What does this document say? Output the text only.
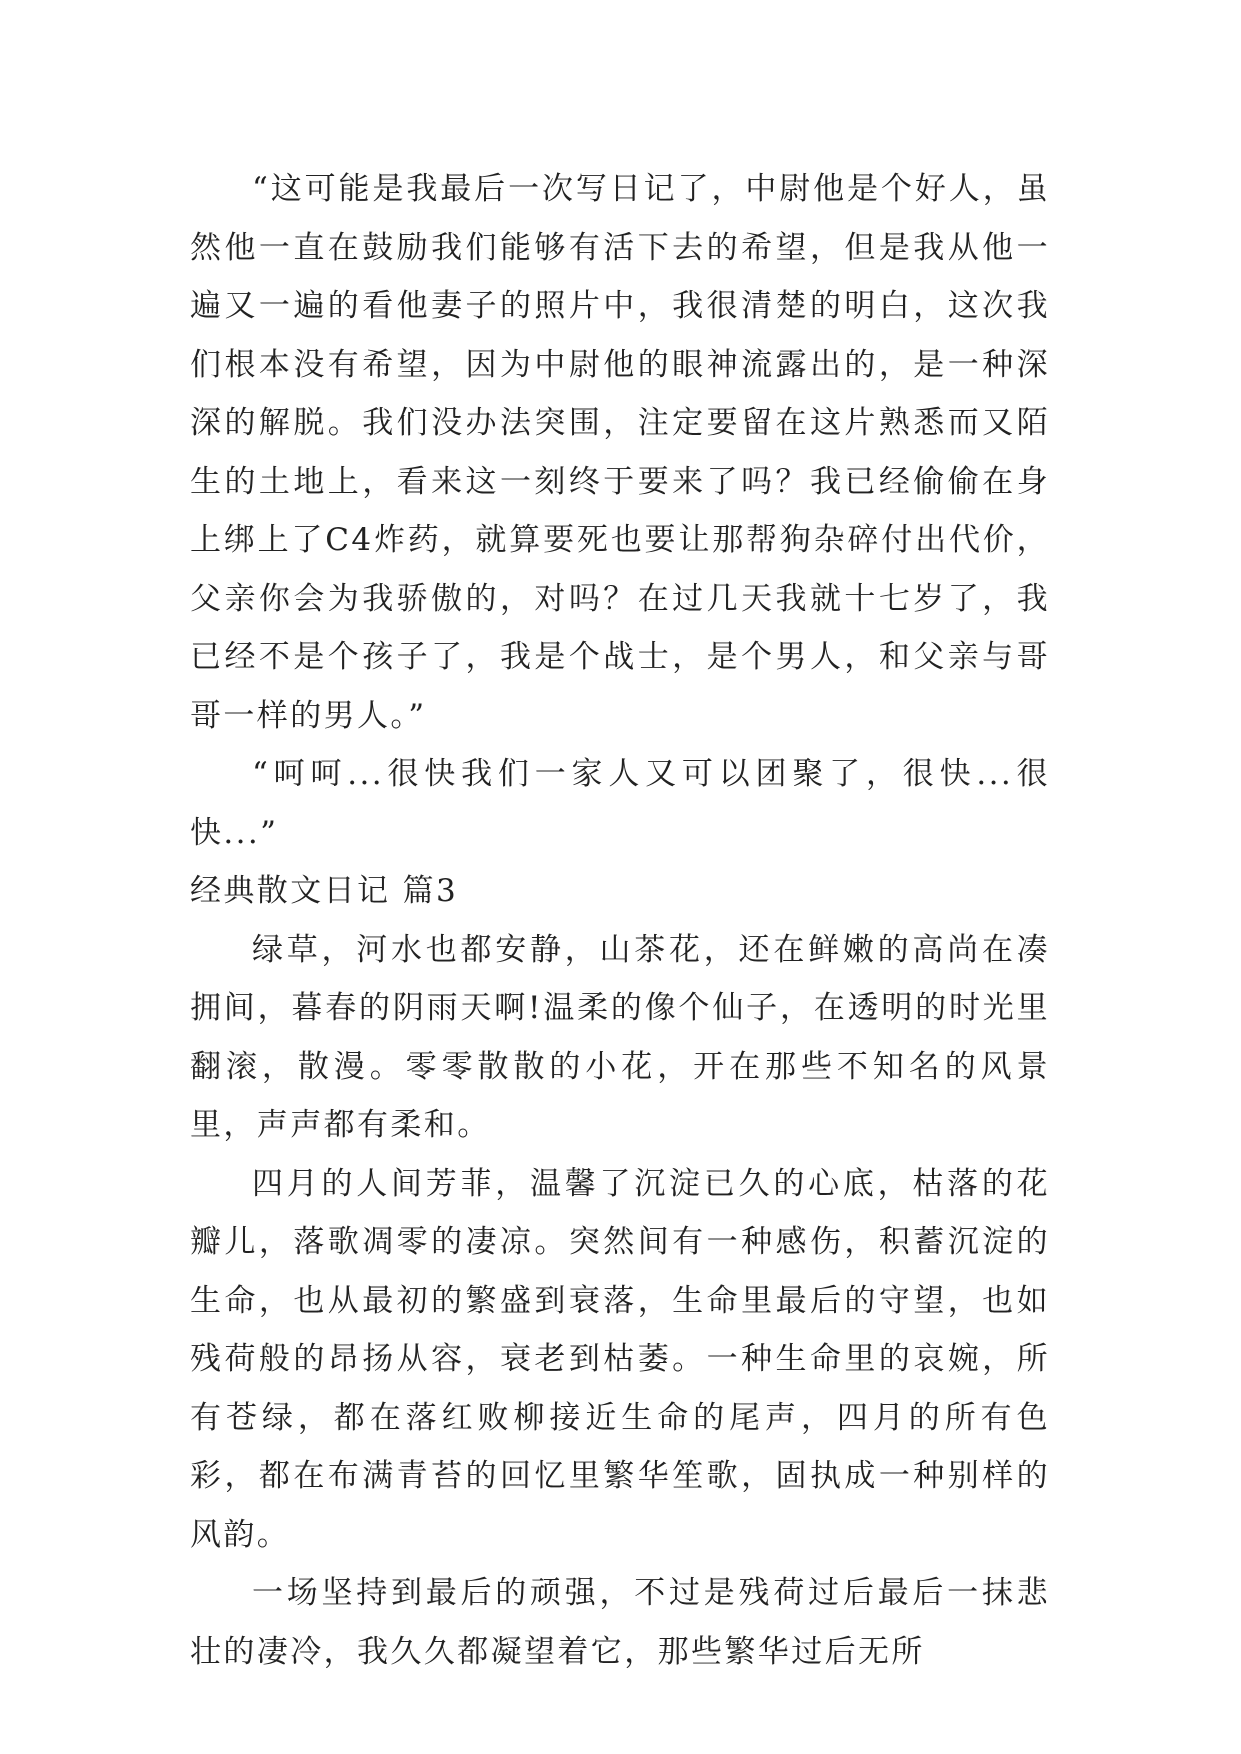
“这可能是我最后一次写日记了，中尉他是个好人，虽然他一直在鼓励我们能够有活下去的希望，但是我从他一遍又一遍的看他妻子的照片中，我很清楚的明白，这次我们根本没有希望，因为中尉他的眼神流露出的，是一种深深的解脱。我们没办法突围，注定要留在这片熟悉而又陌生的土地上，看来这一刻终于要来了吗？我已经偷偷在身上绑上了C4炸药，就算要死也要让那帮狗杂碎付出代价，父亲你会为我骄傲的，对吗？在过几天我就十七岁了，我已经不是个孩子了，我是个战士，是个男人，和父亲与哥哥一样的男人。”

“呵呵...很快我们一家人又可以团聚了，很快...很快...”

经典散文日记 篇3

绿草，河水也都安静，山茶花，还在鲜嫩的高尚在凑拥间，暮春的阴雨天啊!温柔的像个仙子，在透明的时光里翻滚，散漫。零零散散的小花，开在那些不知名的风景里，声声都有柔和。

四月的人间芳菲，温馨了沉淀已久的心底，枯落的花瓣儿，落歌凋零的凄凉。突然间有一种感伤，积蓄沉淀的生命，也从最初的繁盛到衰落，生命里最后的守望，也如残荷般的昂扬从容，衰老到枯萎。一种生命里的哀婉，所有苍绿，都在落红败柳接近生命的尾声，四月的所有色彩，都在布满青苔的回忆里繁华笙歌，固执成一种别样的风韵。

一场坚持到最后的顽强，不过是残荷过后最后一抹悲壮的凄冷，我久久都凝望着它，那些繁华过后无所
